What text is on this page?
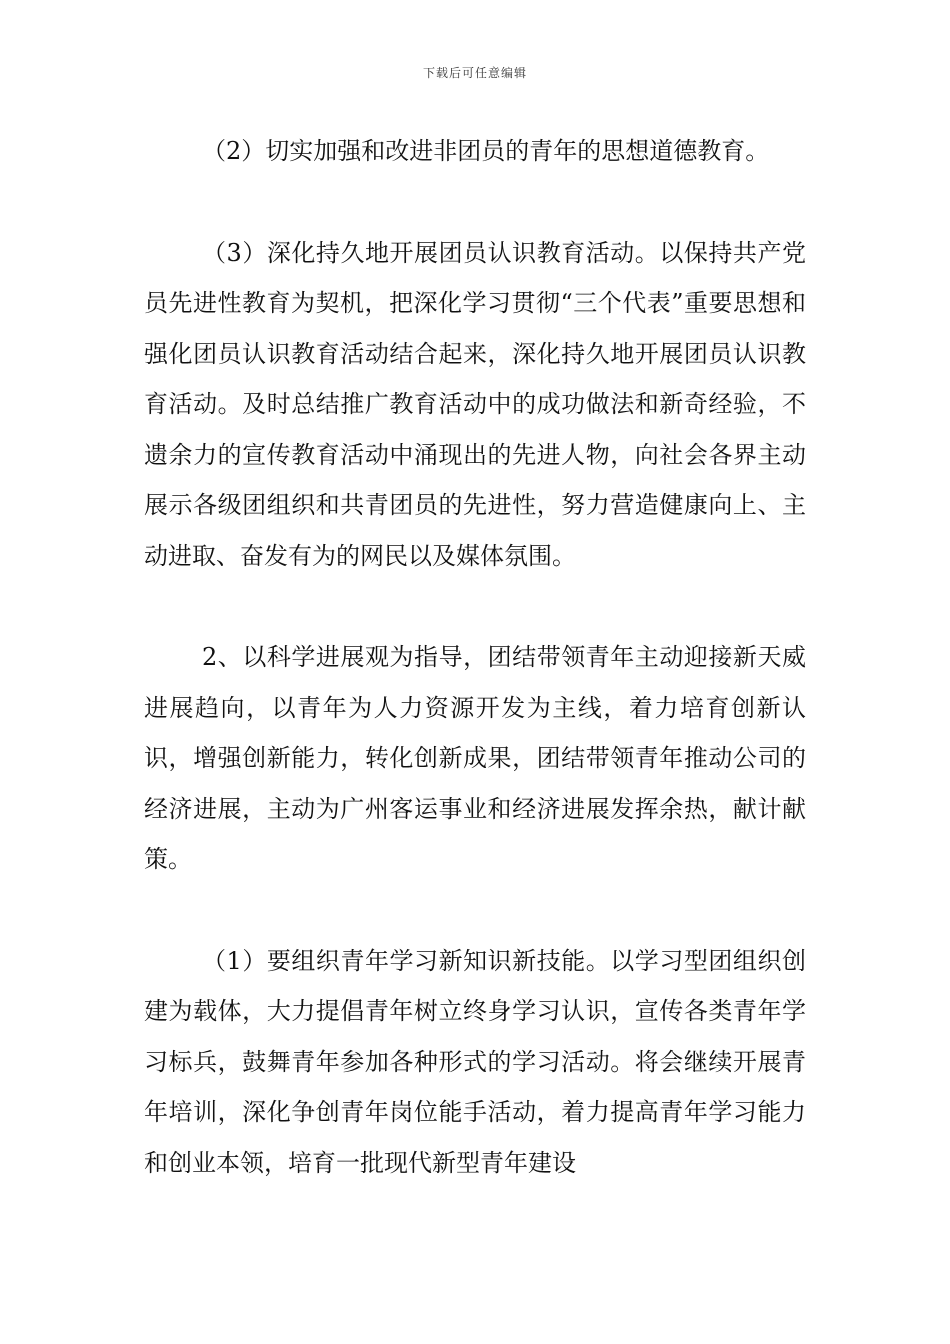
下载后可任意编辑

（2）切实加强和改进非团员的青年的思想道德教育。

（3）深化持久地开展团员认识教育活动。以保持共产党员先进性教育为契机，把深化学习贯彻“三个代表”重要思想和强化团员认识教育活动结合起来，深化持久地开展团员认识教育活动。及时总结推广教育活动中的成功做法和新奇经验，不遗余力的宣传教育活动中涌现出的先进人物，向社会各界主动展示各级团组织和共青团员的先进性，努力营造健康向上、主动进取、奋发有为的网民以及媒体氛围。

2、以科学进展观为指导，团结带领青年主动迎接新天威进展趋向，以青年为人力资源开发为主线，着力培育创新认识，增强创新能力，转化创新成果，团结带领青年推动公司的经济进展，主动为广州客运事业和经济进展发挥余热，献计献策。

（1）要组织青年学习新知识新技能。以学习型团组织创建为载体，大力提倡青年树立终身学习认识，宣传各类青年学习标兵，鼓舞青年参加各种形式的学习活动。将会继续开展青年培训，深化争创青年岗位能手活动，着力提高青年学习能力和创业本领，培育一批现代新型青年建设
